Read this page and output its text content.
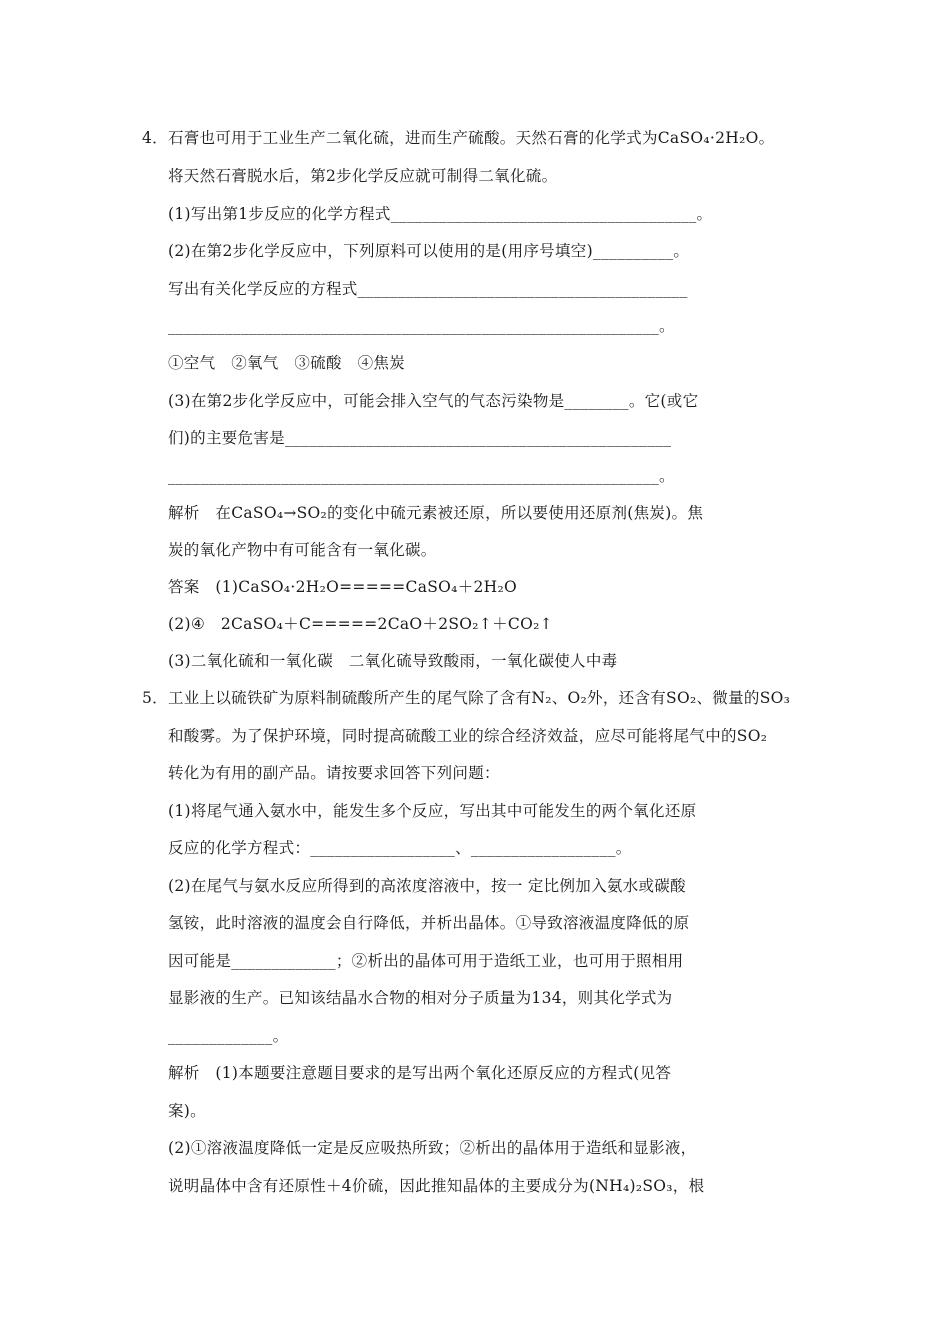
4．石膏也可用于工业生产二氧化硫，进而生产硫酸。天然石膏的化学式为CaSO₄·2H₂O。
将天然石膏脱水后，第2步化学反应就可制得二氧化硫。
(1)写出第1步反应的化学方程式______________________________________。
(2)在第2步化学反应中，下列原料可以使用的是(用序号填空)__________。
写出有关化学反应的方程式_________________________________________
_____________________________________________________________。
①空气　②氧气　③硫酸　④焦炭
(3)在第2步化学反应中，可能会排入空气的气态污染物是________。它(或它
们)的主要危害是________________________________________________
_____________________________________________________________。
解析　在CaSO₄→SO₂的变化中硫元素被还原，所以要使用还原剂(焦炭)。焦
炭的氧化产物中有可能含有一氧化碳。
答案　(1)CaSO₄·2H₂O=====CaSO₄＋2H₂O
(2)④　2CaSO₄＋C=====2CaO＋2SO₂↑＋CO₂↑
(3)二氧化硫和一氧化碳　二氧化硫导致酸雨，一氧化碳使人中毒
5．工业上以硫铁矿为原料制硫酸所产生的尾气除了含有N₂、O₂外，还含有SO₂、微量的SO₃
和酸雾。为了保护环境，同时提高硫酸工业的综合经济效益，应尽可能将尾气中的SO₂
转化为有用的副产品。请按要求回答下列问题：
(1)将尾气通入氨水中，能发生多个反应，写出其中可能发生的两个氧化还原
反应的化学方程式：__________________、__________________。
(2)在尾气与氨水反应所得到的高浓度溶液中，按一 定比例加入氨水或碳酸
氢铵，此时溶液的温度会自行降低，并析出晶体。①导致溶液温度降低的原
因可能是_____________；②析出的晶体可用于造纸工业，也可用于照相用
显影液的生产。已知该结晶水合物的相对分子质量为134，则其化学式为
_____________。
解析　(1)本题要注意题目要求的是写出两个氧化还原反应的方程式(见答
案)。
(2)①溶液温度降低一定是反应吸热所致；②析出的晶体用于造纸和显影液，
说明晶体中含有还原性＋4价硫，因此推知晶体的主要成分为(NH₄)₂SO₃，根
